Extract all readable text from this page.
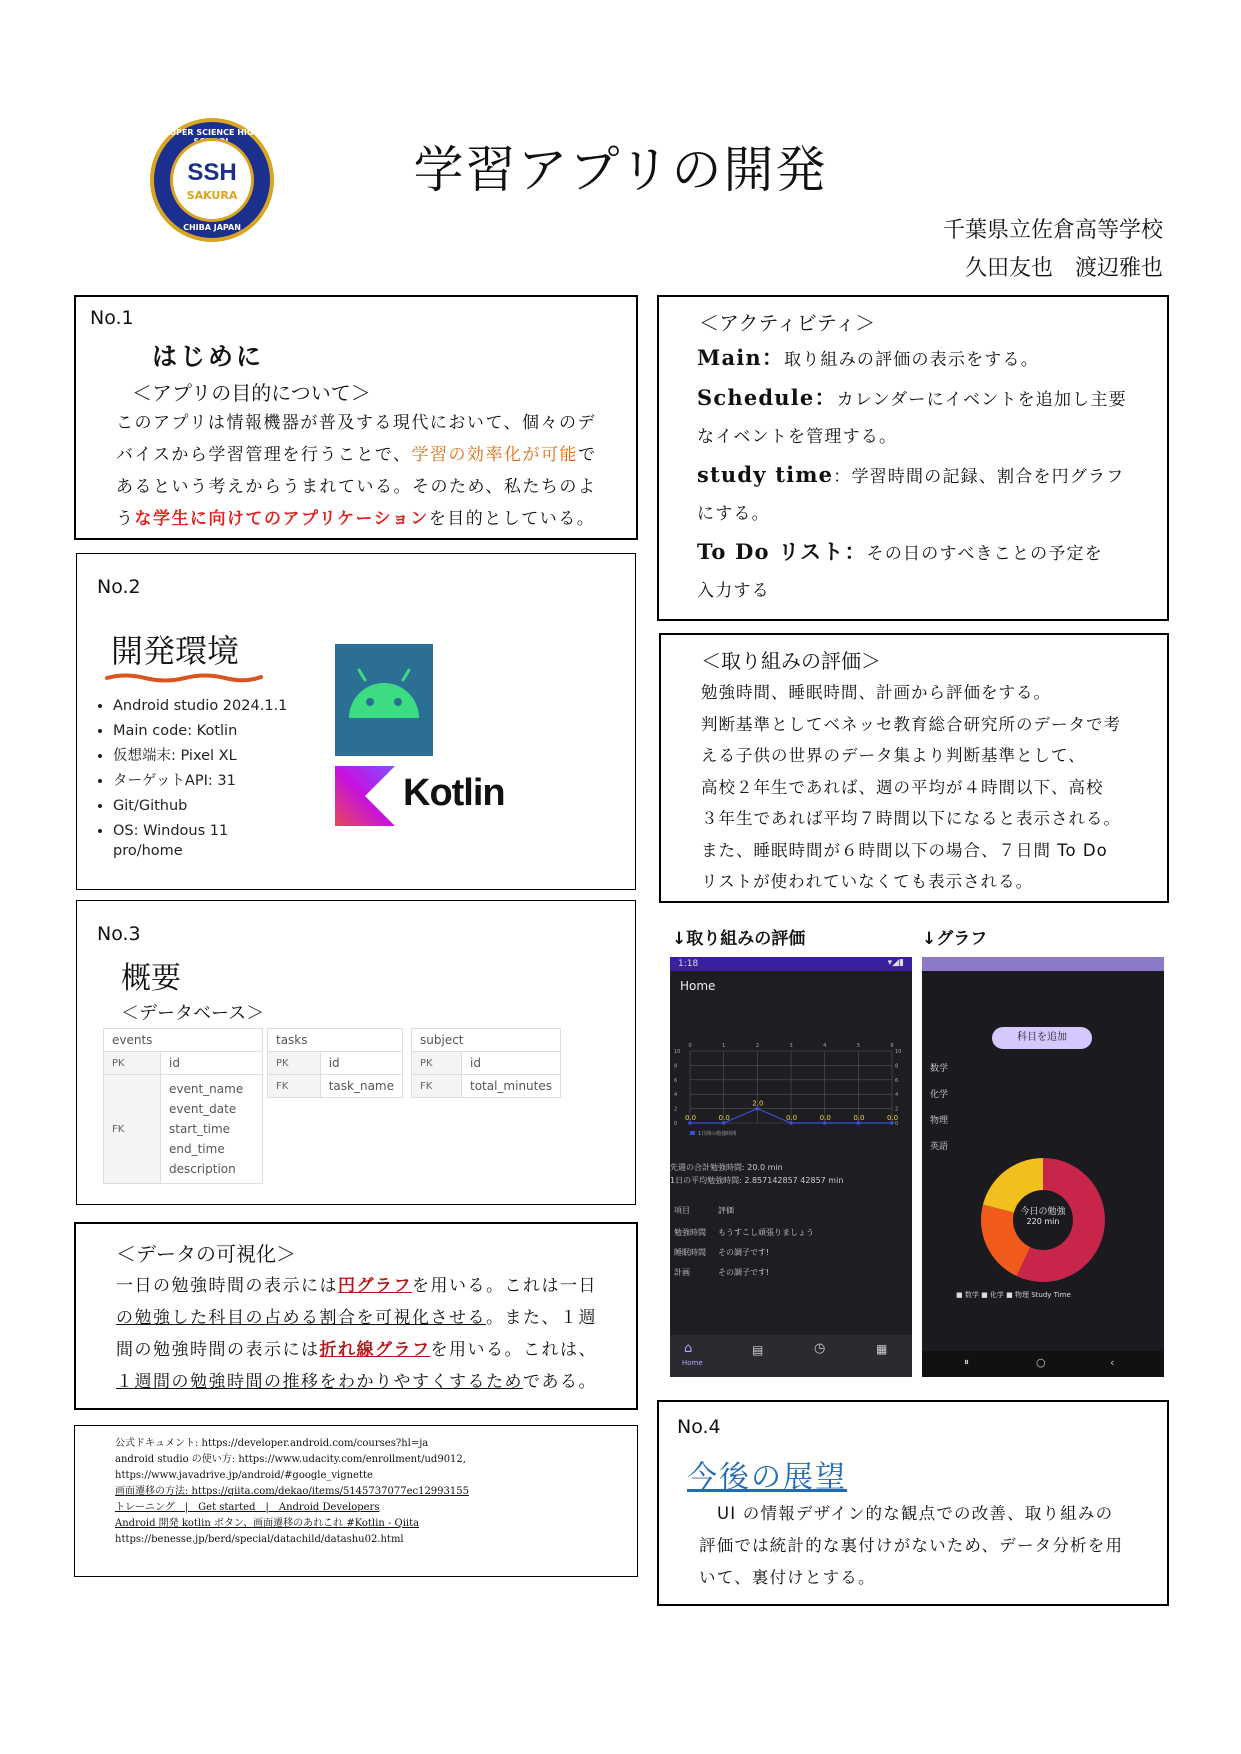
SUPER SCIENCE HIGH
SSH
SAKURA
CHIBA JAPAN
学習アプリの開発
千葉県立佐倉高等学校
久田友也　渡辺雅也
No.1
はじめに
＜アプリの目的について＞
このアプリは情報機器が普及する現代において、個々のデ
バイスから学習管理を行うことで、学習の効率化が可能で
あるという考えからうまれている。そのため、私たちのよ
うな学生に向けてのアプリケーションを目的としている。
No.2
開発環境
• Android studio 2024.1.1
• Main code: Kotlin
• 仮想端末: Pixel XL
• ターゲットAPI: 31
• Git/Github
• OS: Windous 11
pro/home
Kotlin
No.3
概要
＜データベース＞
events	
PK	id
FK	event_name
event_date
start_time
end_time
description
tasks	
PK	id
FK	task_name
subject	
PK	id
FK	total_minutes
＜データの可視化＞
一日の勉強時間の表示には円グラフを用いる。これは一日
の勉強した科目の占める割合を可視化させる。また、１週
間の勉強時間の表示には折れ線グラフを用いる。これは、
１週間の勉強時間の推移をわかりやすくするためである。
公式ドキュメント: https://developer.android.com/courses?hl=ja
android studio の使い方: https://www.udacity.com/enrollment/ud9012,
https://www.javadrive.jp/android/#google_vignette
画面遷移の方法: https://qiita.com/dekao/items/5145737077ec12993155
トレーニング　|　Get started　|　Android Developers
Android 開発 kotlin ボタン、画面遷移のあれこれ #Kotlin - Qiita
https://benesse.jp/berd/special/datachild/datashu02.html
＜アクティビティ＞
Main：取り組みの評価の表示をする。
Schedule：カレンダーにイベントを追加し主要
なイベントを管理する。
study time：学習時間の記録、割合を円グラフ
にする。
To Do リスト：その日のすべきことの予定を
入力する
＜取り組みの評価＞
勉強時間、睡眠時間、計画から評価をする。
判断基準としてベネッセ教育総合研究所のデータで考
える子供の世界のデータ集より判断基準として、
高校２年生であれば、週の平均が４時間以下、高校
３年生であれば平均７時間以下になると表示される。
また、睡眠時間が６時間以下の場合、７日間 To Do
リストが使われていなくても表示される。
↓取り組みの評価	↓グラフ
1:18	▾◢▮
Home
10	10
8	8
6	6
4	4
2	2
0	0
0	1	2	3	4	5	6
0.0	0.0
2.0
0.0	0.0	0.0	0.0
1日間の勉強時間
先週の合計勉強時間: 20.0 min
1日の平均勉強時間: 2.857142857 42857 min
項目	評価
勉強時間 もうすこし頑張りましょう
睡眠時間 その調子です!
計画	その調子です!
⌂
Home
▤	◷	▦
科目を追加
数学
化学
物理
英語
今日の勉強
220 min
■ 数学 ■ 化学 ■ 物理 Study Time
⏸	○	‹
No.4
今後の展望
UI の情報デザイン的な観点での改善、取り組みの
評価では統計的な裏付けがないため、データ分析を用
いて、裏付けとする。
